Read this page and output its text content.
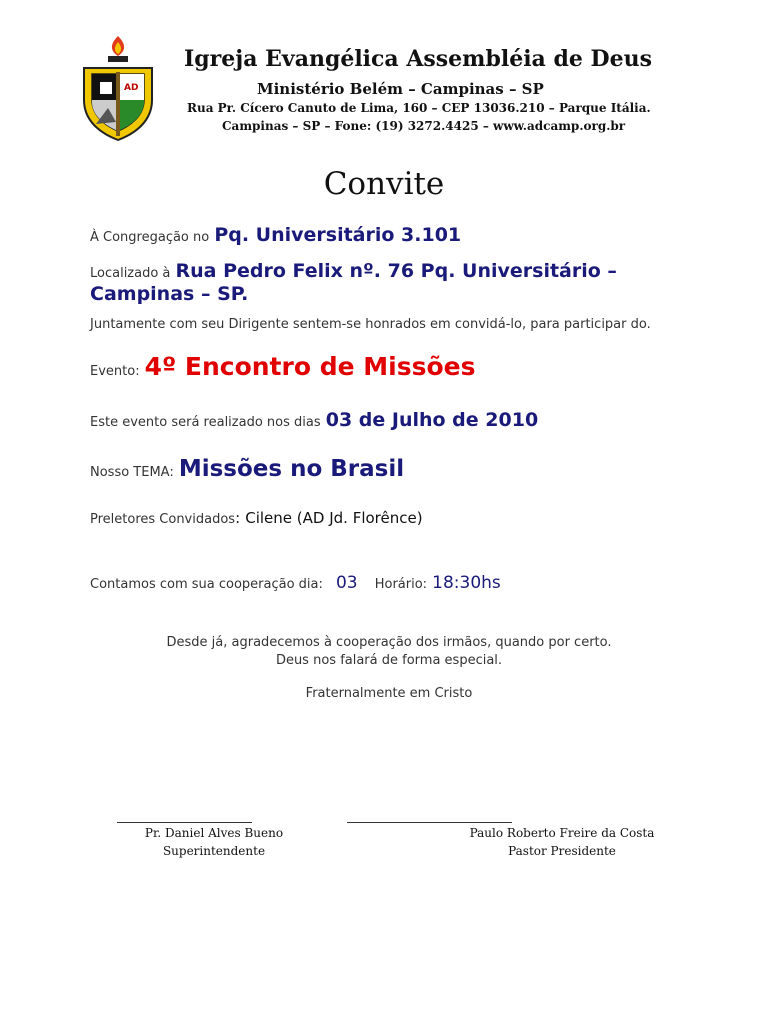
AD
Igreja Evangélica Assembléia de Deus
Ministério Belém – Campinas – SP
Rua Pr. Cícero Canuto de Lima, 160 – CEP 13036.210 – Parque Itália.
Campinas – SP – Fone: (19) 3272.4425 – www.adcamp.org.br
Convite
À Congregação no Pq. Universitário 3.101
Localizado à Rua Pedro Felix nº. 76 Pq. Universitário –
Campinas – SP.
Juntamente com seu Dirigente sentem-se honrados em convidá-lo, para participar do.
Evento: 4º Encontro de Missões
Este evento será realizado nos dias 03 de Julho de 2010
Nosso TEMA: Missões no Brasil
Preletores Convidados: Cilene (AD Jd. Florênce)
Contamos com sua cooperação dia: 03 Horário: 18:30hs
Desde já, agradecemos à cooperação dos irmãos, quando por certo.
Deus nos falará de forma especial.
Fraternalmente em Cristo
Pr. Daniel Alves Bueno
Superintendente
Paulo Roberto Freire da Costa
Pastor Presidente
